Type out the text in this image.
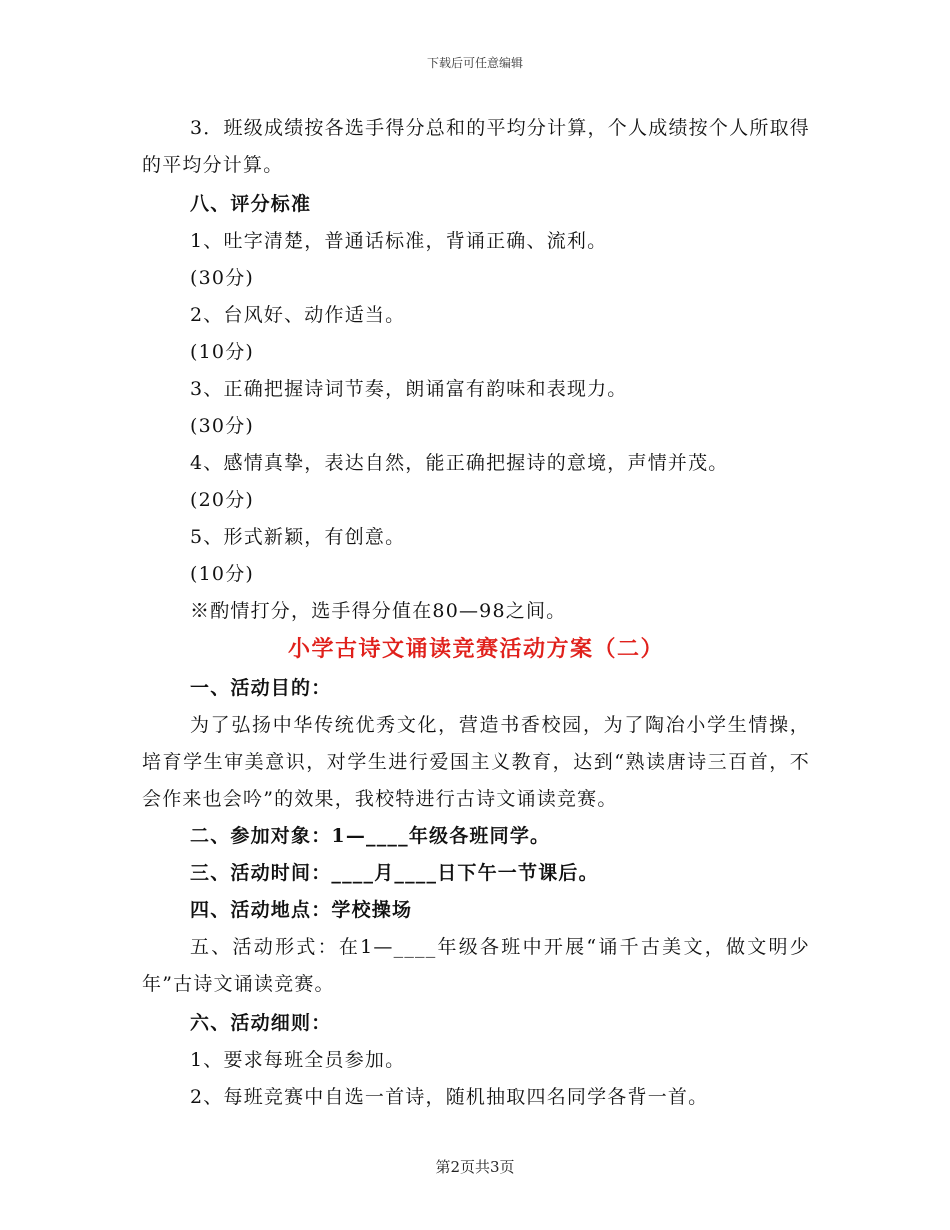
下载后可任意编辑
3．班级成绩按各选手得分总和的平均分计算，个人成绩按个人所取得的平均分计算。
八、评分标准
1、吐字清楚，普通话标准，背诵正确、流利。
(30分)
2、台风好、动作适当。
(10分)
3、正确把握诗词节奏，朗诵富有韵味和表现力。
(30分)
4、感情真挚，表达自然，能正确把握诗的意境，声情并茂。
(20分)
5、形式新颖，有创意。
(10分)
※酌情打分，选手得分值在80—98之间。
小学古诗文诵读竞赛活动方案（二）
一、活动目的：
为了弘扬中华传统优秀文化，营造书香校园，为了陶冶小学生情操，培育学生审美意识，对学生进行爱国主义教育，达到“熟读唐诗三百首，不会作来也会吟”的效果，我校特进行古诗文诵读竞赛。
二、参加对象：1—____年级各班同学。
三、活动时间：____月____日下午一节课后。
四、活动地点：学校操场
五、活动形式：在1—____年级各班中开展“诵千古美文，做文明少年”古诗文诵读竞赛。
六、活动细则：
1、要求每班全员参加。
2、每班竞赛中自选一首诗，随机抽取四名同学各背一首。
第2页共3页
